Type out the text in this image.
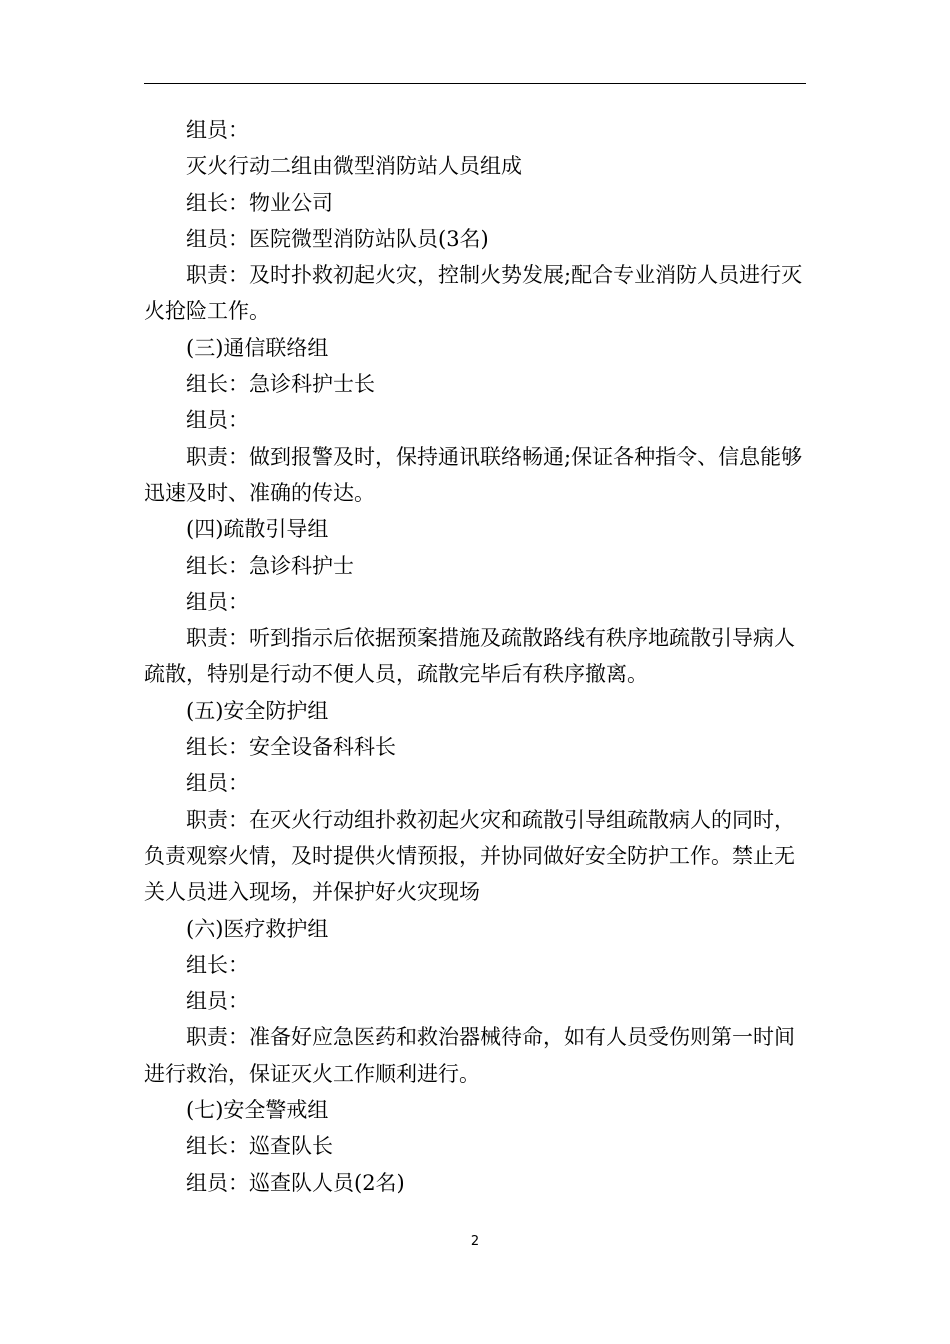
组员：

灭火行动二组由微型消防站人员组成

组长：物业公司

组员：医院微型消防站队员(3名)

职责：及时扑救初起火灾，控制火势发展;配合专业消防人员进行灭火抢险工作。

(三)通信联络组

组长：急诊科护士长

组员：

职责：做到报警及时，保持通讯联络畅通;保证各种指令、信息能够迅速及时、准确的传达。

(四)疏散引导组

组长：急诊科护士

组员：

职责：听到指示后依据预案措施及疏散路线有秩序地疏散引导病人疏散，特别是行动不便人员，疏散完毕后有秩序撤离。

(五)安全防护组

组长：安全设备科科长

组员：

职责：在灭火行动组扑救初起火灾和疏散引导组疏散病人的同时，负责观察火情，及时提供火情预报，并协同做好安全防护工作。禁止无关人员进入现场，并保护好火灾现场

(六)医疗救护组

组长：

组员：

职责：准备好应急医药和救治器械待命，如有人员受伤则第一时间进行救治，保证灭火工作顺利进行。

(七)安全警戒组

组长：巡查队长

组员：巡查队人员(2名)

2
